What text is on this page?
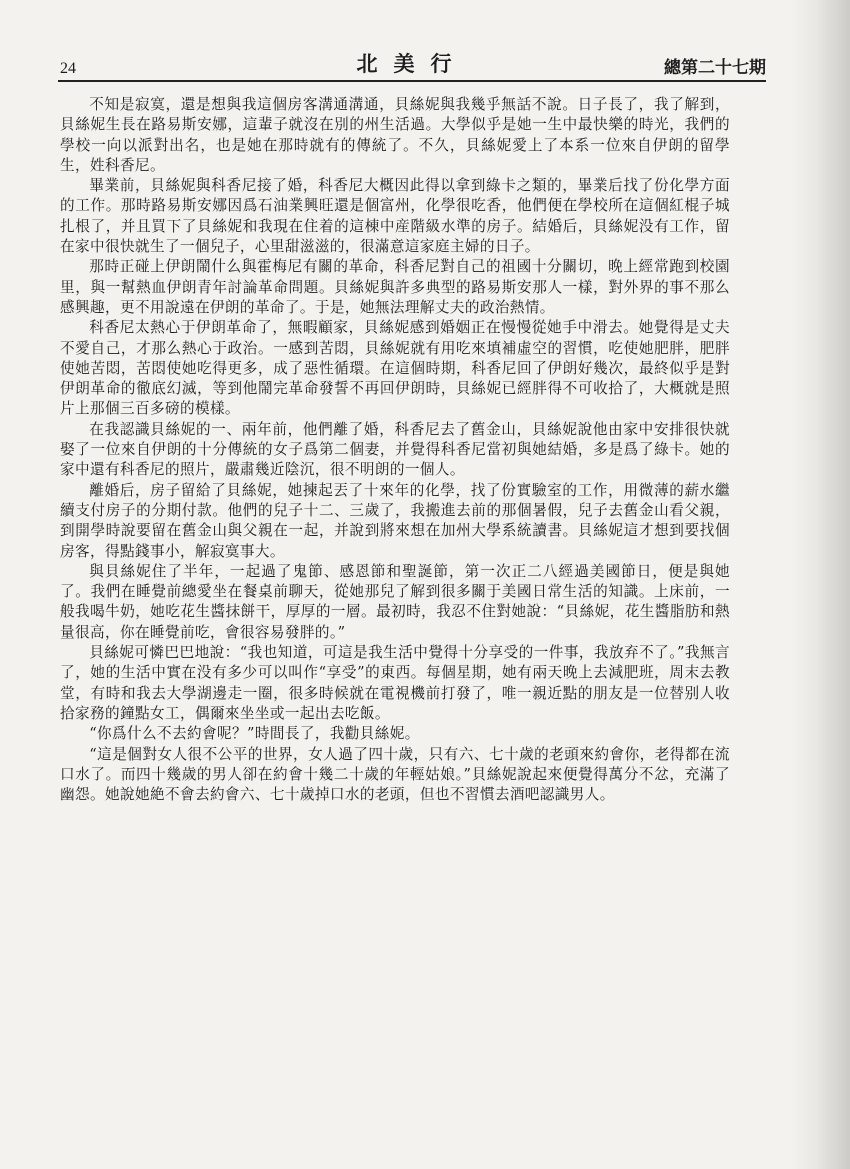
24	北美行	總第二十七期

不知是寂寞，還是想與我這個房客溝通溝通，貝絲妮與我幾乎無話不說。日子長了，我了解到，貝絲妮生長在路易斯安娜，這輩子就沒在別的州生活過。大學似乎是她一生中最快樂的時光，我們的學校一向以派對出名，也是她在那時就有的傳統了。不久，貝絲妮愛上了本系一位來自伊朗的留學生，姓科香尼。

畢業前，貝絲妮與科香尼接了婚，科香尼大概因此得以拿到綠卡之類的，畢業后找了份化學方面的工作。那時路易斯安娜因爲石油業興旺還是個富州，化學很吃香，他們便在學校所在這個紅棍子城扎根了，并且買下了貝絲妮和我現在住着的這棟中産階級水準的房子。結婚后，貝絲妮没有工作，留在家中很快就生了一個兒子，心里甜滋滋的，很滿意這家庭主婦的日子。

那時正碰上伊朗鬧什么與霍梅尼有關的革命，科香尼對自己的祖國十分關切，晚上經常跑到校園里，與一幫熱血伊朗青年討論革命問題。貝絲妮與許多典型的路易斯安那人一樣，對外界的事不那么感興趣，更不用說遠在伊朗的革命了。于是，她無法理解丈夫的政治熱情。

科香尼太熱心于伊朗革命了，無暇顧家，貝絲妮感到婚姻正在慢慢從她手中滑去。她覺得是丈夫不愛自己，才那么熱心于政治。一感到苦悶，貝絲妮就有用吃來填補虛空的習慣，吃使她肥胖，肥胖使她苦悶，苦悶使她吃得更多，成了惡性循環。在這個時期，科香尼回了伊朗好幾次，最終似乎是對伊朗革命的徹底幻滅，等到他鬧完革命發誓不再回伊朗時，貝絲妮已經胖得不可收拾了，大概就是照片上那個三百多磅的模樣。

在我認識貝絲妮的一、兩年前，他們離了婚，科香尼去了舊金山，貝絲妮說他由家中安排很快就娶了一位來自伊朗的十分傳統的女子爲第二個妻，并覺得科香尼當初與她結婚，多是爲了綠卡。她的家中還有科香尼的照片，嚴肅幾近陰沉，很不明朗的一個人。

離婚后，房子留給了貝絲妮，她揀起丟了十來年的化學，找了份實驗室的工作，用微薄的薪水繼續支付房子的分期付款。他們的兒子十二、三歲了，我搬進去前的那個暑假，兒子去舊金山看父親，到開學時說要留在舊金山與父親在一起，并說到將來想在加州大學系統讀書。貝絲妮這才想到要找個房客，得點錢事小，解寂寞事大。

與貝絲妮住了半年，一起過了鬼節、感恩節和聖誕節，第一次正二八經過美國節日，便是與她了。我們在睡覺前總愛坐在餐桌前聊天，從她那兒了解到很多關于美國日常生活的知識。上床前，一般我喝牛奶，她吃花生醬抹餅干，厚厚的一層。最初時，我忍不住對她說：“貝絲妮，花生醬脂肪和熱量很高，你在睡覺前吃，會很容易發胖的。”

貝絲妮可憐巴巴地說：“我也知道，可這是我生活中覺得十分享受的一件事，我放弃不了。”我無言了，她的生活中實在没有多少可以叫作“享受”的東西。每個星期，她有兩天晚上去減肥班，周末去教堂，有時和我去大學湖邊走一圈，很多時候就在電視機前打發了，唯一親近點的朋友是一位替别人收拾家務的鐘點女工，偶爾來坐坐或一起出去吃飯。

“你爲什么不去約會呢？”時間長了，我勸貝絲妮。

“這是個對女人很不公平的世界，女人過了四十歲，只有六、七十歲的老頭來約會你，老得都在流口水了。而四十幾歲的男人卻在約會十幾二十歲的年輕姑娘。”貝絲妮說起來便覺得萬分不忿，充滿了幽怨。她說她絶不會去約會六、七十歲掉口水的老頭，但也不習慣去酒吧認識男人。
